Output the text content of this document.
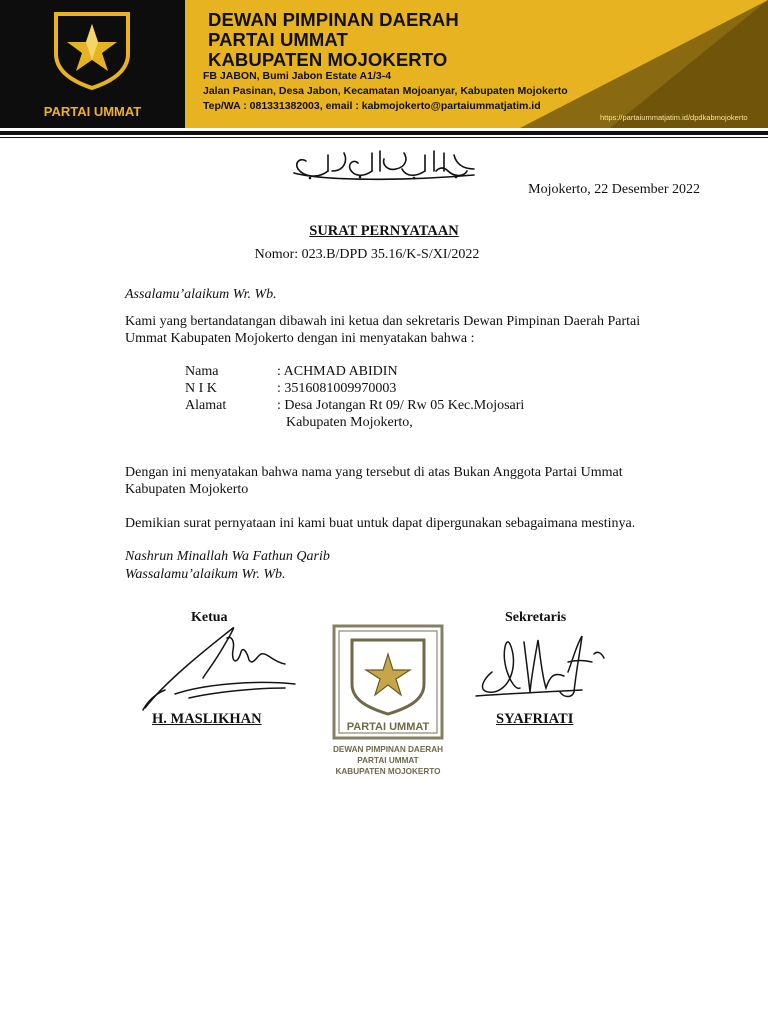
PARTAI UMMAT
DEWAN PIMPINAN DAERAH
PARTAI UMMAT
KABUPATEN MOJOKERTO
FB JABON, Bumi Jabon Estate A1/3-4
Jalan Pasinan, Desa Jabon, Kecamatan Mojoanyar, Kabupaten Mojokerto
Tep/WA : 081331382003, email : kabmojokerto@partaiummatjatim.id
https://partaiummatjatim.id/dpdkabmojokerto
Mojokerto, 22 Desember 2022
SURAT PERNYATAAN
Nomor: 023.B/DPD 35.16/K-S/XI/2022
Assalamu’alaikum Wr. Wb.
Kami yang bertandatangan dibawah ini ketua dan sekretaris Dewan Pimpinan Daerah Partai
Ummat Kabupaten Mojokerto dengan ini menyatakan bahwa :
Nama	: ACHMAD ABIDIN
N I K	: 3516081009970003
Alamat	: Desa Jotangan Rt 09/ Rw 05 Kec.Mojosari
Kabupaten Mojokerto,
Dengan ini menyatakan bahwa nama yang tersebut di atas Bukan Anggota Partai Ummat
Kabupaten Mojokerto
Demikian surat pernyataan ini kami buat untuk dapat dipergunakan sebagaimana mestinya.
Nashrun Minallah Wa Fathun Qarib
Wassalamu’alaikum Wr. Wb.
Ketua	Sekretaris
H. MASLIKHAN	SYAFRIATI
PARTAI UMMAT
DEWAN PIMPINAN DAERAH
PARTAI UMMAT
KABUPATEN MOJOKERTO
